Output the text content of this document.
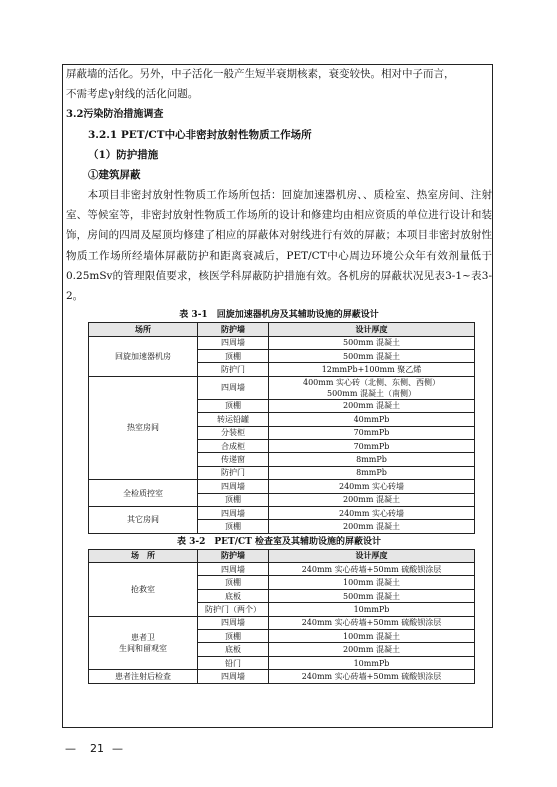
屏蔽墙的活化。另外，中子活化一般产生短半衰期核素，衰变较快。相对中子而言，

不需考虑γ射线的活化问题。

3.2污染防治措施调查

3.2.1 PET/CT中心非密封放射性物质工作场所

（1）防护措施

①建筑屏蔽

本项目非密封放射性物质工作场所包括：回旋加速器机房、、质检室、热室房间、注射室、等候室等，非密封放射性物质工作场所的设计和修建均由相应资质的单位进行设计和装饰，房间的四周及屋顶均修建了相应的屏蔽体对射线进行有效的屏蔽；本项目非密封放射性物质工作场所经墙体屏蔽防护和距离衰减后，PET/CT中心周边环境公众年有效剂量低于0.25mSv的管理限值要求，核医学科屏蔽防护措施有效。各机房的屏蔽状况见表3-1~表3-2。

表 3-1　回旋加速器机房及其辅助设施的屏蔽设计

场所	防护墙	设计厚度
回旋加速器机房	四周墙	500mm 混凝土
	顶棚	500mm 混凝土
	防护门	12mmPb+100mm 聚乙烯
热室房间	四周墙	400mm 实心砖（北侧、东侧、西侧）
500mm 混凝土（南侧）

	顶棚	200mm 混凝土
	转运铅罐	40mmPb
	分装柜	70mmPb
	合成柜	70mmPb
	传递窗	8mmPb
	防护门	8mmPb
全检质控室	四周墙	240mm 实心砖墙
	顶棚	200mm 混凝土
其它房间	四周墙	240mm 实心砖墙
	顶棚	200mm 混凝土

表 3-2　PET/CT 检查室及其辅助设施的屏蔽设计

场　所	防护墙	设计厚度
抢救室	四周墙	240mm 实心砖墙+50mm 硫酸钡涂层
	顶棚	100mm 混凝土
	底板	500mm 混凝土
	防护门（两个）	10mmPb

患者卫
生间和留观室	四周墙	240mm 实心砖墙+50mm 硫酸钡涂层
	顶棚	100mm 混凝土
	底板	200mm 混凝土
	铅门	10mmPb
患者注射后检查	四周墙	240mm 实心砖墙+50mm 硫酸钡涂层
— 21 —
